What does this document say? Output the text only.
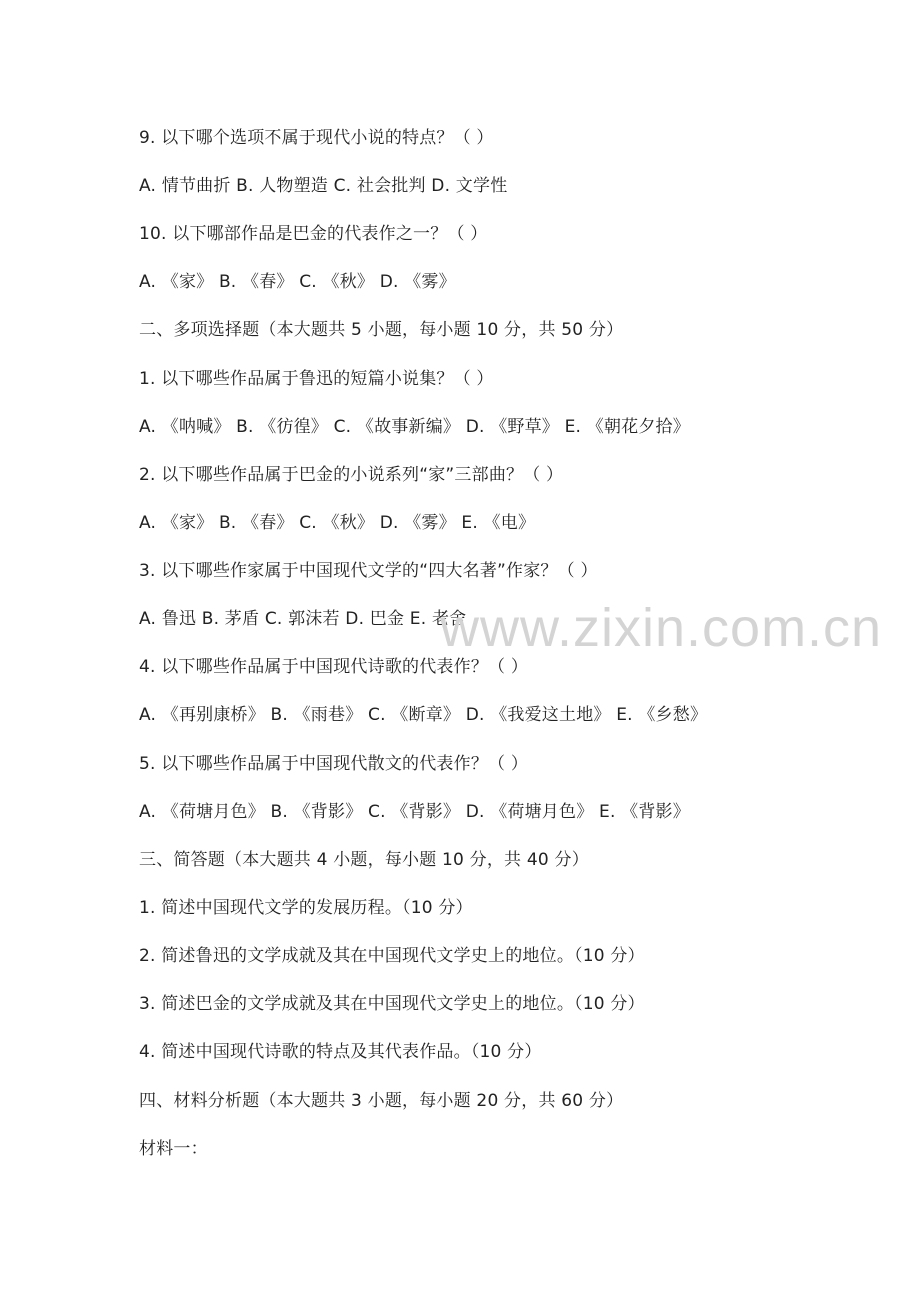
9. 以下哪个选项不属于现代小说的特点？（ ）
A. 情节曲折 B. 人物塑造 C. 社会批判 D. 文学性
10. 以下哪部作品是巴金的代表作之一？（ ）
A. 《家》 B. 《春》 C. 《秋》 D. 《雾》
二、多项选择题（本大题共 5 小题，每小题 10 分，共 50 分）
1. 以下哪些作品属于鲁迅的短篇小说集？（ ）
A. 《呐喊》 B. 《彷徨》 C. 《故事新编》 D. 《野草》 E. 《朝花夕拾》
2. 以下哪些作品属于巴金的小说系列“家”三部曲？（ ）
A. 《家》 B. 《春》 C. 《秋》 D. 《雾》 E. 《电》
3. 以下哪些作家属于中国现代文学的“四大名著”作家？（ ）
A. 鲁迅 B. 茅盾 C. 郭沫若 D. 巴金 E. 老舍
4. 以下哪些作品属于中国现代诗歌的代表作？（ ）
A. 《再别康桥》 B. 《雨巷》 C. 《断章》 D. 《我爱这土地》 E. 《乡愁》
5. 以下哪些作品属于中国现代散文的代表作？（ ）
A. 《荷塘月色》 B. 《背影》 C. 《背影》 D. 《荷塘月色》 E. 《背影》
三、简答题（本大题共 4 小题，每小题 10 分，共 40 分）
1. 简述中国现代文学的发展历程。（10 分）
2. 简述鲁迅的文学成就及其在中国现代文学史上的地位。（10 分）
3. 简述巴金的文学成就及其在中国现代文学史上的地位。（10 分）
4. 简述中国现代诗歌的特点及其代表作品。（10 分）
四、材料分析题（本大题共 3 小题，每小题 20 分，共 60 分）
材料一：
www.zixin.com.cn
